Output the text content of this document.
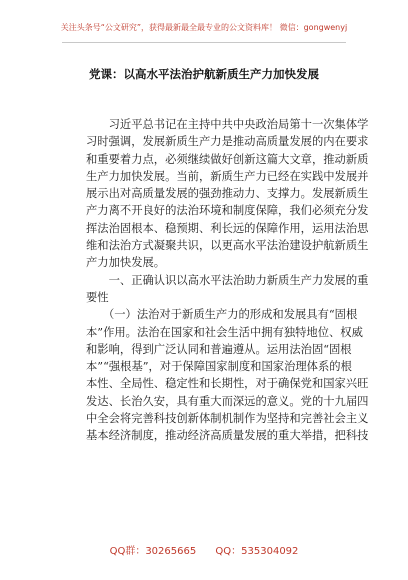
关注头条号“公文研究”，获得最新最全最专业的公文资料库！ 微信：gongwenyj
党课：以高水平法治护航新质生产力加快发展
　　习近平总书记在主持中共中央政治局第十一次集体学
习时强调，发展新质生产力是推动高质量发展的内在要求
和重要着力点，必须继续做好创新这篇大文章，推动新质
生产力加快发展。当前，新质生产力已经在实践中发展并
展示出对高质量发展的强劲推动力、支撑力。发展新质生
产力离不开良好的法治环境和制度保障，我们必须充分发
挥法治固根本、稳预期、利长远的保障作用，运用法治思
维和法治方式凝聚共识，以更高水平法治建设护航新质生
产力加快发展。
　　一、正确认识以高水平法治助力新质生产力发展的重
要性
　　（一）法治对于新质生产力的形成和发展具有“固根
本”作用。法治在国家和社会生活中拥有独特地位、权威
和影响，得到广泛认同和普遍遵从。运用法治固“固根
本”“强根基”，对于保障国家制度和国家治理体系的根
本性、全局性、稳定性和长期性，对于确保党和国家兴旺
发达、长治久安，具有重大而深远的意义。党的十九届四
中全会将完善科技创新体制机制作为坚持和完善社会主义
基本经济制度，推动经济高质量发展的重大举措，把科技
QQ群：30265665 QQ：535304092
